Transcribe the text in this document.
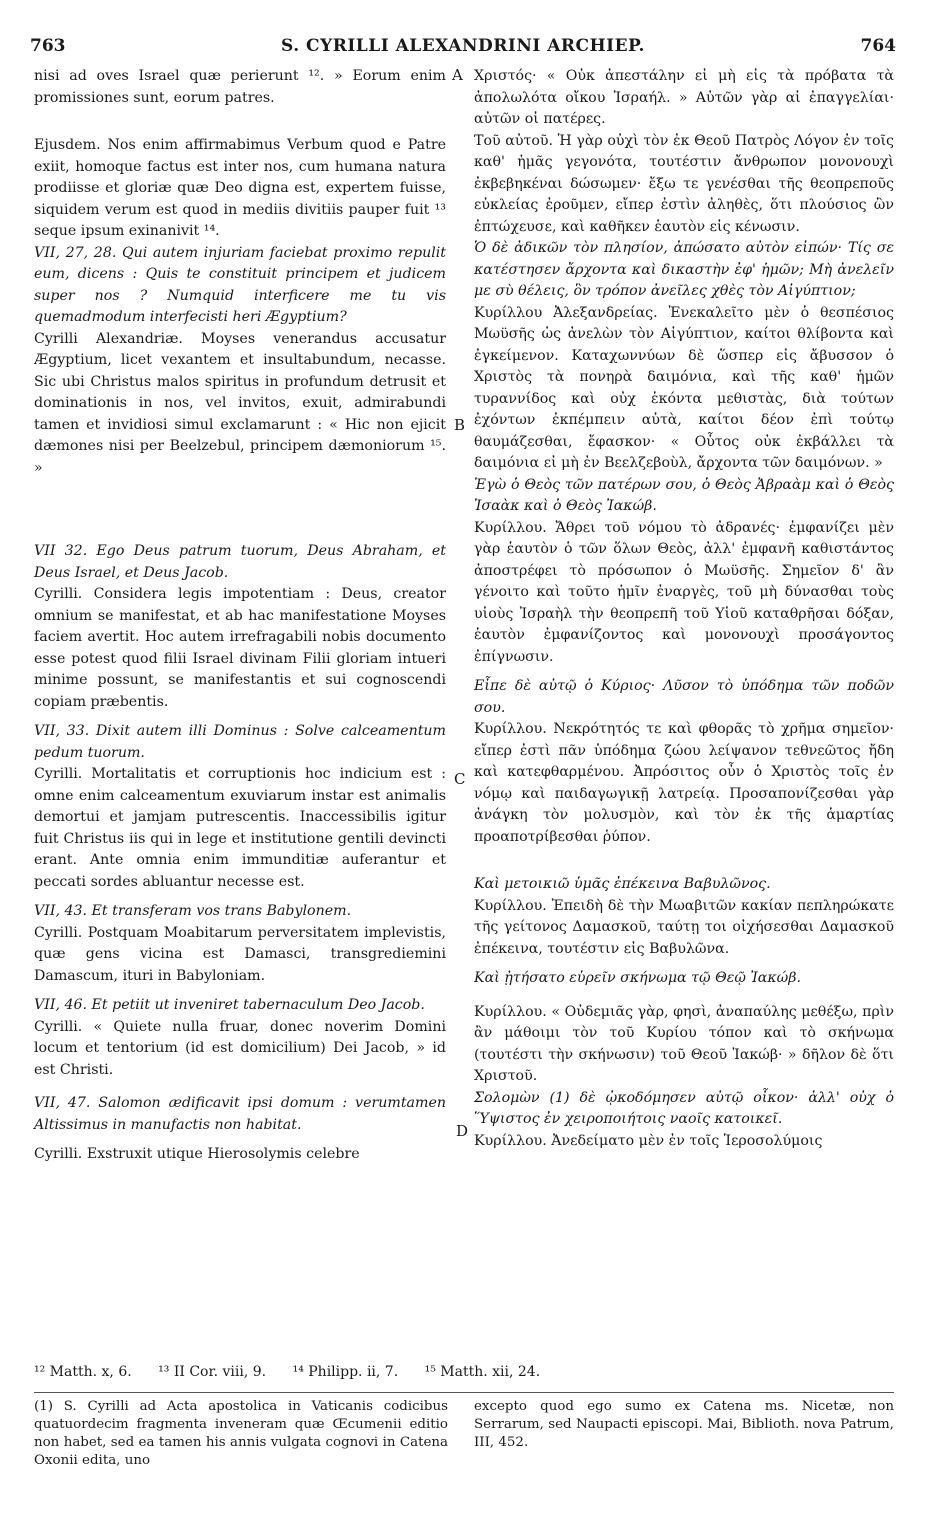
763	S. CYRILLI ALEXANDRINI ARCHIEP.	764
A
B
C
D

nisi ad oves Israel quæ perierunt ¹². » Eorum enim promissiones sunt, eorum patres.

Ejusdem. Nos enim affirmabimus Verbum quod e Patre exiit, homoque factus est inter nos, cum humana natura prodiisse et gloriæ quæ Deo digna est, expertem fuisse, siquidem verum est quod in mediis divitiis pauper fuit ¹³ seque ipsum exinanivit ¹⁴.

VII, 27, 28. Qui autem injuriam faciebat proximo repulit eum, dicens : Quis te constituit principem et judicem super nos ? Numquid interficere me tu vis quemadmodum interfecisti heri Ægyptium?

Cyrilli Alexandriæ. Moyses venerandus accusatur Ægyptium, licet vexantem et insultabundum, necasse. Sic ubi Christus malos spiritus in profundum detrusit et dominationis in nos, vel invitos, exuit, admirabundi tamen et invidiosi simul exclamarunt : « Hic non ejicit dæmones nisi per Beelzebul, principem dæmoniorum ¹⁵. »

VII 32. Ego Deus patrum tuorum, Deus Abraham, et Deus Israel, et Deus Jacob.

Cyrilli. Considera legis impotentiam : Deus, creator omnium se manifestat, et ab hac manifestatione Moyses faciem avertit. Hoc autem irrefragabili nobis documento esse potest quod filii Israel divinam Filii gloriam intueri minime possunt, se manifestantis et sui cognoscendi copiam præbentis.

VII, 33. Dixit autem illi Dominus : Solve calceamentum pedum tuorum.

Cyrilli. Mortalitatis et corruptionis hoc indicium est : omne enim calceamentum exuviarum instar est animalis demortui et jamjam putrescentis. Inaccessibilis igitur fuit Christus iis qui in lege et institutione gentili devincti erant. Ante omnia enim immunditiæ auferantur et peccati sordes abluantur necesse est.

VII, 43. Et transferam vos trans Babylonem.

Cyrilli. Postquam Moabitarum perversitatem implevistis, quæ gens vicina est Damasci, transgrediemini Damascum, ituri in Babyloniam.

VII, 46. Et petiit ut inveniret tabernaculum Deo Jacob.

Cyrilli. « Quiete nulla fruar, donec noverim Domini locum et tentorium (id est domicilium) Dei Jacob, » id est Christi.

VII, 47. Salomon ædificavit ipsi domum : verumtamen Altissimus in manufactis non habitat.

Cyrilli. Exstruxit utique Hierosolymis celebre

Χριστός· « Οὐκ ἀπεστάλην εἰ μὴ εἰς τὰ πρόβατα τὰ ἀπολωλότα οἴκου Ἰσραήλ. » Αὐτῶν γὰρ αἱ ἐπαγγελίαι· αὐτῶν οἱ πατέρες.

Τοῦ αὐτοῦ. Ἡ γὰρ οὐχὶ τὸν ἐκ Θεοῦ Πατρὸς Λόγον ἐν τοῖς καθ' ἡμᾶς γεγονότα, τουτέστιν ἄνθρωπον μονονουχὶ ἐκβεβηκέναι δώσωμεν· ἔξω τε γενέσθαι τῆς θεοπρεποῦς εὐκλείας ἐροῦμεν, εἴπερ ἐστὶν ἀληθὲς, ὅτι πλούσιος ὢν ἐπτώχευσε, καὶ καθῆκεν ἑαυτὸν εἰς κένωσιν.

Ὁ δὲ ἀδικῶν τὸν πλησίον, ἀπώσατο αὐτὸν εἰπών· Τίς σε κατέστησεν ἄρχοντα καὶ δικαστὴν ἐφ' ἡμῶν; Μὴ ἀνελεῖν με σὺ θέλεις, ὃν τρόπον ἀνεῖλες χθὲς τὸν Αἰγύπτιον;

Κυρίλλου Ἀλεξανδρείας. Ἐνεκαλεῖτο μὲν ὁ θεσπέσιος Μωϋσῆς ὡς ἀνελὼν τὸν Αἰγύπτιον, καίτοι θλίβοντα καὶ ἐγκείμενον. Καταχωννύων δὲ ὥσπερ εἰς ἄβυσσον ὁ Χριστὸς τὰ πονηρὰ δαιμόνια, καὶ τῆς καθ' ἡμῶν τυραννίδος καὶ οὐχ ἑκόντα μεθιστὰς, διὰ τούτων ἐχόντων ἐκπέμπειν αὐτὰ, καίτοι δέον ἐπὶ τούτῳ θαυμάζεσθαι, ἔφασκον· « Οὗτος οὐκ ἐκβάλλει τὰ δαιμόνια εἰ μὴ ἐν Βεελζεβοὺλ, ἄρχοντα τῶν δαιμόνων. »

Ἐγὼ ὁ Θεὸς τῶν πατέρων σου, ὁ Θεὸς Ἀβραὰμ καὶ ὁ Θεὸς Ἰσαὰκ καὶ ὁ Θεὸς Ἰακώβ.

Κυρίλλου. Ἄθρει τοῦ νόμου τὸ ἀδρανές· ἐμφανίζει μὲν γὰρ ἑαυτὸν ὁ τῶν ὅλων Θεὸς, ἀλλ' ἐμφανῆ καθιστάντος ἀποστρέφει τὸ πρόσωπον ὁ Μωϋσῆς. Σημεῖον δ' ἂν γένοιτο καὶ τοῦτο ἡμῖν ἐναργὲς, τοῦ μὴ δύνασθαι τοὺς υἱοὺς Ἰσραὴλ τὴν θεοπρεπῆ τοῦ Υἱοῦ καταθρῆσαι δόξαν, ἑαυτὸν ἐμφανίζοντος καὶ μονονουχὶ προσάγοντος ἐπίγνωσιν.

Εἶπε δὲ αὐτῷ ὁ Κύριος· Λῦσον τὸ ὑπόδημα τῶν ποδῶν σου.

Κυρίλλου. Νεκρότητός τε καὶ φθορᾶς τὸ χρῆμα σημεῖον· εἴπερ ἐστὶ πᾶν ὑπόδημα ζώου λείψανον τεθνεῶτος ἤδη καὶ κατεφθαρμένου. Ἀπρόσιτος οὖν ὁ Χριστὸς τοῖς ἐν νόμῳ καὶ παιδαγωγικῇ λατρείᾳ. Προσαπονίζεσθαι γὰρ ἀνάγκη τὸν μολυσμὸν, καὶ τὸν ἐκ τῆς ἁμαρτίας προαποτρίβεσθαι ῥύπον.

Καὶ μετοικιῶ ὑμᾶς ἐπέκεινα Βαβυλῶνος.

Κυρίλλου. Ἐπειδὴ δὲ τὴν Μωαβιτῶν κακίαν πεπληρώκατε τῆς γείτονος Δαμασκοῦ, ταύτῃ τοι οἰχήσεσθαι Δαμασκοῦ ἐπέκεινα, τουτέστιν εἰς Βαβυλῶνα.

Καὶ ᾐτήσατο εὑρεῖν σκήνωμα τῷ Θεῷ Ἰακώβ.

Κυρίλλου. « Οὐδεμιᾶς γὰρ, φησὶ, ἀναπαύλης μεθέξω, πρὶν ἂν μάθοιμι τὸν τοῦ Κυρίου τόπον καὶ τὸ σκήνωμα (τουτέστι τὴν σκήνωσιν) τοῦ Θεοῦ Ἰακώβ· » δῆλον δὲ ὅτι Χριστοῦ.

Σολομὼν (1) δὲ ᾠκοδόμησεν αὐτῷ οἶκον· ἀλλ' οὐχ ὁ Ὕψιστος ἐν χειροποιήτοις ναοῖς κατοικεῖ.

Κυρίλλου. Ἀνεδείματο μὲν ἐν τοῖς Ἱεροσολύμοις

¹² Matth. x, 6. ¹³ II Cor. viii, 9. ¹⁴ Philipp. ii, 7. ¹⁵ Matth. xii, 24.
(1) S. Cyrilli ad Acta apostolica in Vaticanis codicibus quatuordecim fragmenta inveneram quæ Œcumenii editio non habet, sed ea tamen his annis vulgata cognovi in Catena Oxonii edita, uno
excepto quod ego sumo ex Catena ms. Nicetæ, non Serrarum, sed Naupacti episcopi. Mai, Biblioth. nova Patrum, III, 452.
